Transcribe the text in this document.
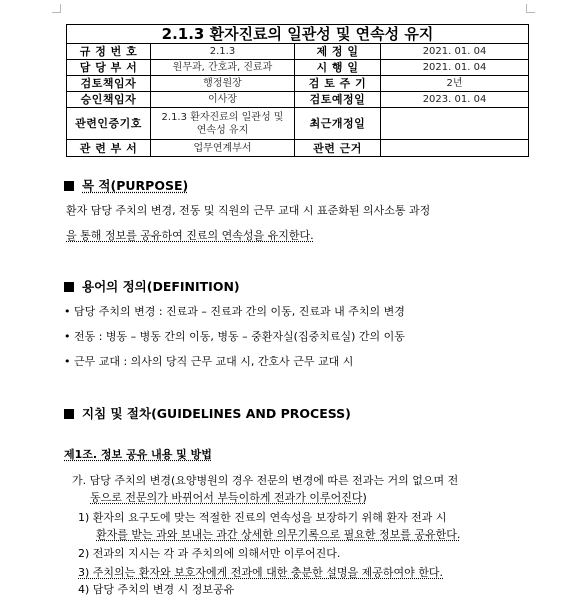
2.1.3 환자진료의 일관성 및 연속성 유지			
규 정 번 호	2.1.3	제 정 일	2021. 01. 04
담 당 부 서	원무과, 간호과, 진료과	시 행 일	2021. 01. 04
검토책임자	행정원장	검 토 주 기	2년
승인책임자	이사장	검토예정일	2023. 01. 04
관련인증기호	2.1.3 환자진료의 일관성 및 연속성 유지	최근개정일	
관 련 부 서	업무연계부서	관련 근거	
목 적(PURPOSE)
환자 담당 주치의 변경, 전동 및 직원의 근무 교대 시 표준화된 의사소통 과정
을 통해 정보를 공유하여 진료의 연속성을 유지한다.
용어의 정의(DEFINITION)
• 담당 주치의 변경 : 진료과 – 진료과 간의 이동, 진료과 내 주치의 변경
• 전동 : 병동 – 병동 간의 이동, 병동 – 중환자실(집중치료실) 간의 이동
• 근무 교대 : 의사의 당직 근무 교대 시, 간호사 근무 교대 시
지침 및 절차(GUIDELINES AND PROCESS)
제1조. 정보 공유 내용 및 방법
가. 담당 주치의 변경(요양병원의 경우 전문의 변경에 따른 전과는 거의 없으며 전
동으로 전문의가 바뀌어서 부득이하게 전과가 이루어진다)
1) 환자의 요구도에 맞는 적절한 진료의 연속성을 보장하기 위해 환자 전과 시
환자를 받는 과와 보내는 과간 상세한 의무기록으로 필요한 정보를 공유한다.
2) 전과의 지시는 각 과 주치의에 의해서만 이루어진다.
3) 주치의는 환자와 보호자에게 전과에 대한 충분한 설명을 제공하여야 한다.
4) 담당 주치의 변경 시 정보공유
